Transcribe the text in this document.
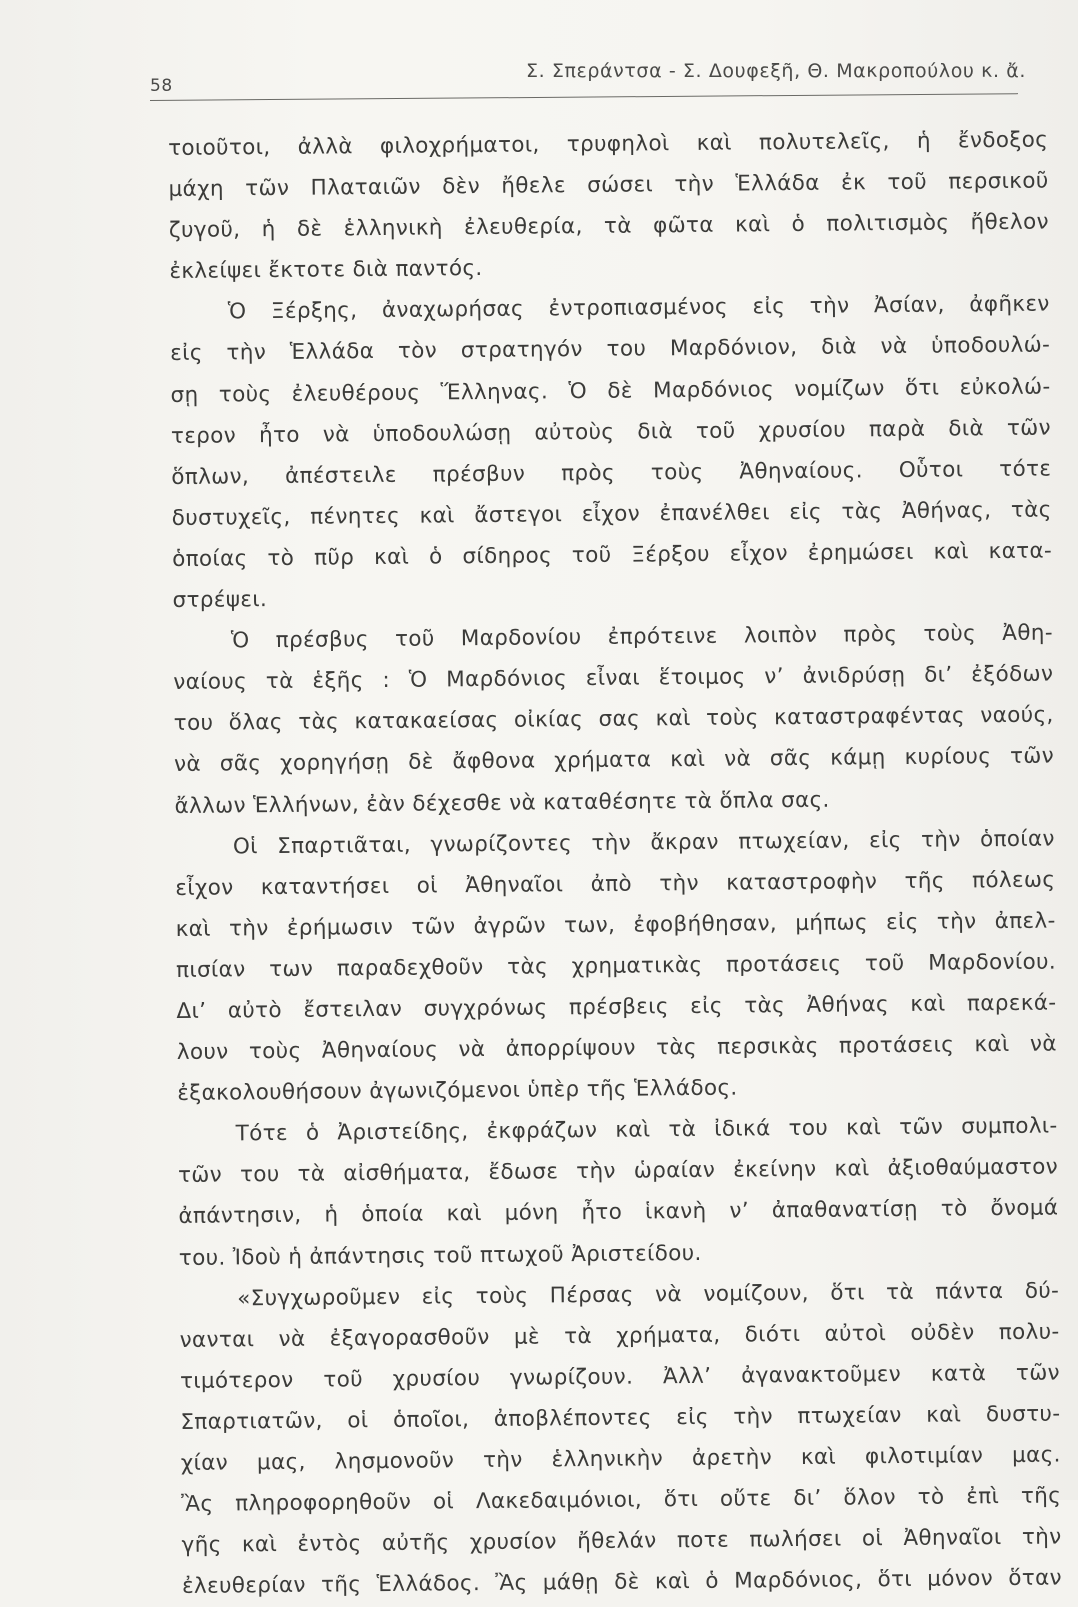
58
Σ. Σπεράντσα - Σ. Δουφεξῆ, Θ. Μακροπούλου κ. ἄ.
τοιοῦτοι, ἀλλὰ φιλοχρήματοι, τρυφηλοὶ καὶ πολυτελεῖς, ἡ ἔνδοξος
μάχη τῶν Πλαταιῶν δὲν ἤθελε σώσει τὴν Ἑλλάδα ἐκ τοῦ περσικοῦ
ζυγοῦ, ἡ δὲ ἑλληνικὴ ἐλευθερία, τὰ φῶτα καὶ ὁ πολιτισμὸς ἤθελον
ἐκλείψει ἔκτοτε διὰ παντός.
Ὁ Ξέρξης, ἀναχωρήσας ἐντροπιασμένος εἰς τὴν Ἀσίαν, ἀφῆκεν
εἰς τὴν Ἑλλάδα τὸν στρατηγόν του Μαρδόνιον, διὰ νὰ ὑποδουλώ-
σῃ τοὺς ἐλευθέρους Ἕλληνας. Ὁ δὲ Μαρδόνιος νομίζων ὅτι εὐκολώ-
τερον ἦτο νὰ ὑποδουλώσῃ αὐτοὺς διὰ τοῦ χρυσίου παρὰ διὰ τῶν
ὅπλων, ἀπέστειλε πρέσβυν πρὸς τοὺς Ἀθηναίους. Οὗτοι τότε
δυστυχεῖς, πένητες καὶ ἄστεγοι εἶχον ἐπανέλθει εἰς τὰς Ἀθήνας, τὰς
ὁποίας τὸ πῦρ καὶ ὁ σίδηρος τοῦ Ξέρξου εἶχον ἐρημώσει καὶ κατα-
στρέψει.
Ὁ πρέσβυς τοῦ Μαρδονίου ἐπρότεινε λοιπὸν πρὸς τοὺς Ἀθη-
ναίους τὰ ἑξῆς : Ὁ Μαρδόνιος εἶναι ἕτοιμος ν’ ἀνιδρύσῃ δι’ ἐξόδων
του ὅλας τὰς κατακαείσας οἰκίας σας καὶ τοὺς καταστραφέντας ναούς,
νὰ σᾶς χορηγήσῃ δὲ ἄφθονα χρήματα καὶ νὰ σᾶς κάμῃ κυρίους τῶν
ἄλλων Ἑλλήνων, ἐὰν δέχεσθε νὰ καταθέσητε τὰ ὅπλα σας.
Οἱ Σπαρτιᾶται, γνωρίζοντες τὴν ἄκραν πτωχείαν, εἰς τὴν ὁποίαν
εἶχον καταντήσει οἱ Ἀθηναῖοι ἀπὸ τὴν καταστροφὴν τῆς πόλεως
καὶ τὴν ἐρήμωσιν τῶν ἀγρῶν των, ἐφοβήθησαν, μήπως εἰς τὴν ἀπελ-
πισίαν των παραδεχθοῦν τὰς χρηματικὰς προτάσεις τοῦ Μαρδονίου.
Δι’ αὐτὸ ἔστειλαν συγχρόνως πρέσβεις εἰς τὰς Ἀθήνας καὶ παρεκά-
λουν τοὺς Ἀθηναίους νὰ ἀπορρίψουν τὰς περσικὰς προτάσεις καὶ νὰ
ἐξακολουθήσουν ἀγωνιζόμενοι ὑπὲρ τῆς Ἑλλάδος.
Τότε ὁ Ἀριστείδης, ἐκφράζων καὶ τὰ ἰδικά του καὶ τῶν συμπολι-
τῶν του τὰ αἰσθήματα, ἔδωσε τὴν ὡραίαν ἐκείνην καὶ ἀξιοθαύμαστον
ἀπάντησιν, ἡ ὁποία καὶ μόνη ἦτο ἱκανὴ ν’ ἀπαθανατίσῃ τὸ ὄνομά
του. Ἰδοὺ ἡ ἀπάντησις τοῦ πτωχοῦ Ἀριστείδου.
«Συγχωροῦμεν εἰς τοὺς Πέρσας νὰ νομίζουν, ὅτι τὰ πάντα δύ-
νανται νὰ ἐξαγορασθοῦν μὲ τὰ χρήματα, διότι αὐτοὶ οὐδὲν πολυ-
τιμότερον τοῦ χρυσίου γνωρίζουν. Ἀλλ’ ἀγανακτοῦμεν κατὰ τῶν
Σπαρτιατῶν, οἱ ὁποῖοι, ἀποβλέποντες εἰς τὴν πτωχείαν καὶ δυστυ-
χίαν μας, λησμονοῦν τὴν ἑλληνικὴν ἀρετὴν καὶ φιλοτιμίαν μας.
Ἂς πληροφορηθοῦν οἱ Λακεδαιμόνιοι, ὅτι οὔτε δι’ ὅλον τὸ ἐπὶ τῆς
γῆς καὶ ἐντὸς αὐτῆς χρυσίον ἤθελάν ποτε πωλήσει οἱ Ἀθηναῖοι τὴν
ἐλευθερίαν τῆς Ἑλλάδος. Ἂς μάθῃ δὲ καὶ ὁ Μαρδόνιος, ὅτι μόνον ὅταν
